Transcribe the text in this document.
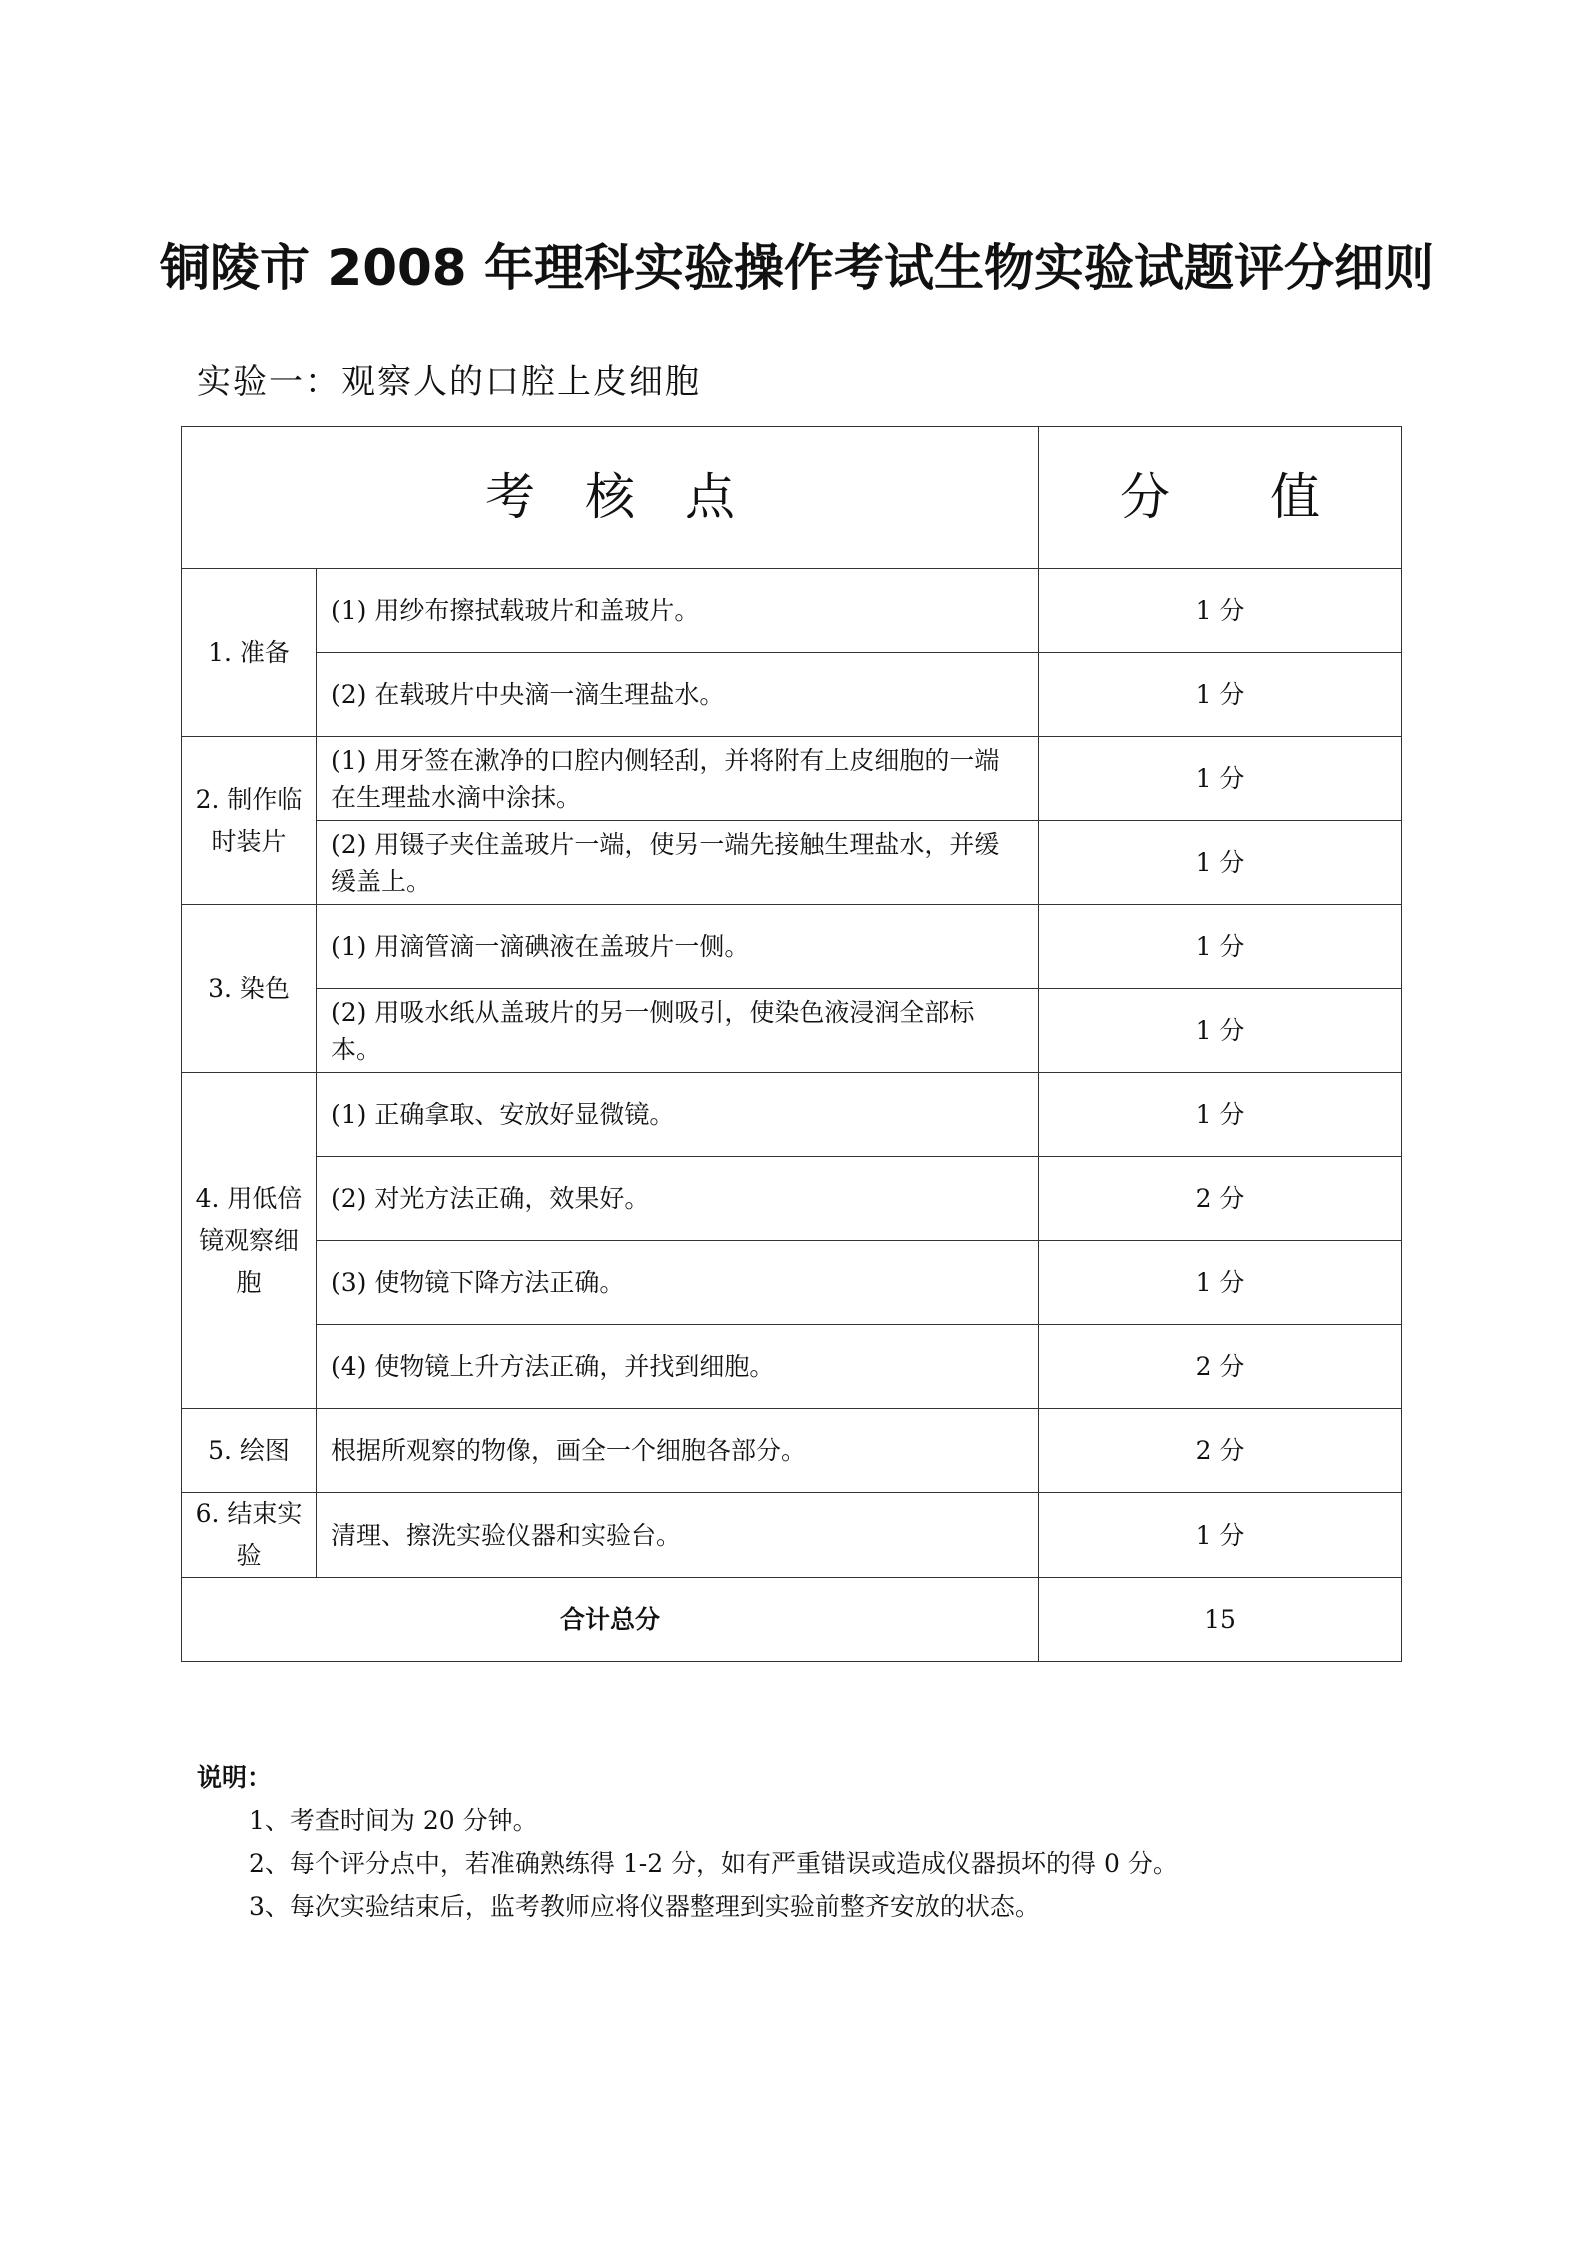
铜陵市 2008 年理科实验操作考试生物实验试题评分细则
实验一：观察人的口腔上皮细胞
考　核　点		分　　值
1. 准备	(1) 用纱布擦拭载玻片和盖玻片。	1 分
	(2) 在载玻片中央滴一滴生理盐水。	1 分
2. 制作临时装片	(1) 用牙签在漱净的口腔内侧轻刮，并将附有上皮细胞的一端在生理盐水滴中涂抹。	1 分
	(2) 用镊子夹住盖玻片一端，使另一端先接触生理盐水，并缓缓盖上。	1 分
3. 染色	(1) 用滴管滴一滴碘液在盖玻片一侧。	1 分
	(2) 用吸水纸从盖玻片的另一侧吸引，使染色液浸润全部标本。	1 分
4. 用低倍镜观察细胞	(1) 正确拿取、安放好显微镜。	1 分
	(2) 对光方法正确，效果好。	2 分
	(3) 使物镜下降方法正确。	1 分
	(4) 使物镜上升方法正确，并找到细胞。	2 分
5. 绘图	根据所观察的物像，画全一个细胞各部分。	2 分
6. 结束实验	清理、擦洗实验仪器和实验台。	1 分
合计总分		15
说明：
1、考查时间为 20 分钟。
2、每个评分点中，若准确熟练得 1-2 分，如有严重错误或造成仪器损坏的得 0 分。
3、每次实验结束后，监考教师应将仪器整理到实验前整齐安放的状态。
